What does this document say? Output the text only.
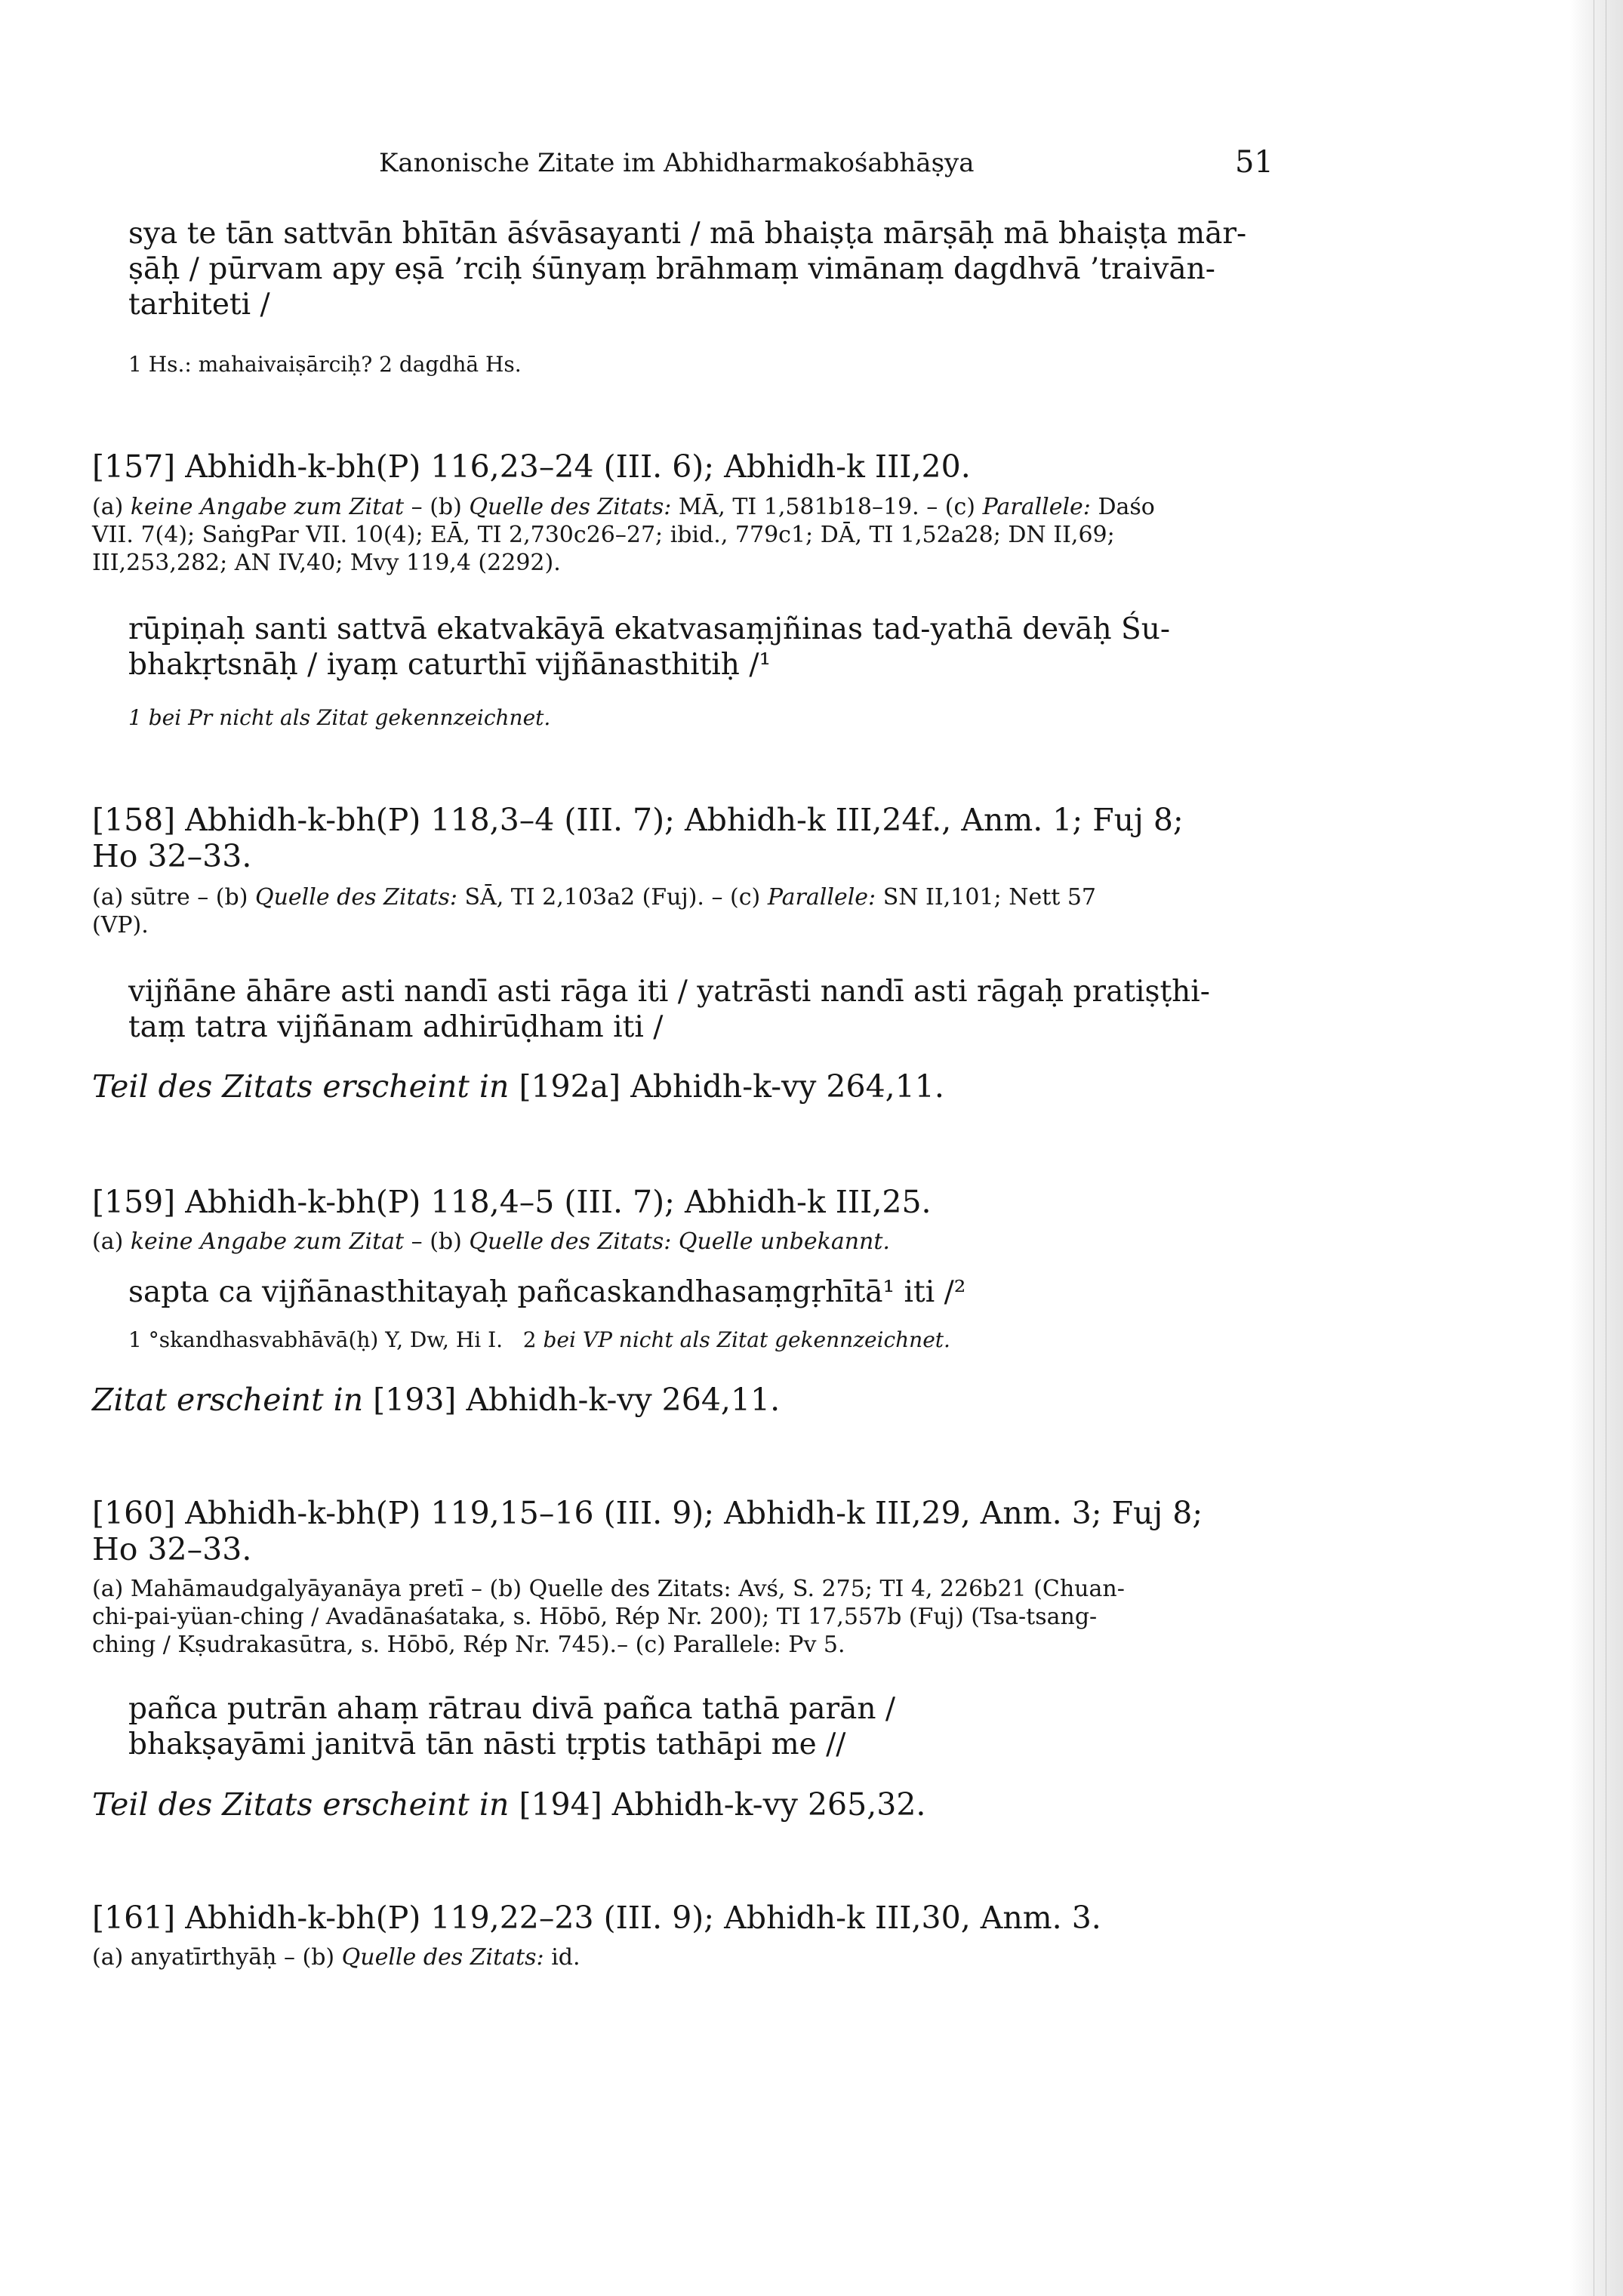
Kanonische Zitate im Abhidharmakośabhāṣya	51
sya te tān sattvān bhītān āśvāsayanti / mā bhaiṣṭa mārṣāḥ mā bhaiṣṭa mār-
ṣāḥ / pūrvam apy eṣā ’rciḥ śūnyaṃ brāhmaṃ vimānaṃ dagdhvā ’traivān-
tarhiteti /
1 Hs.: mahaivaiṣārciḥ? 2 dagdhā Hs.
[157] Abhidh-k-bh(P) 116,23–24 (III. 6); Abhidh-k III,20.
(a) keine Angabe zum Zitat – (b) Quelle des Zitats: MĀ, TI 1,581b18–19. – (c) Parallele: Daśo
VII. 7(4); SaṅgPar VII. 10(4); EĀ, TI 2,730c26–27; ibid., 779c1; DĀ, TI 1,52a28; DN II,69;
III,253,282; AN IV,40; Mvy 119,4 (2292).
rūpiṇaḥ santi sattvā ekatvakāyā ekatvasaṃjñinas tad-yathā devāḥ Śu-
bhakṛtsnāḥ / iyaṃ caturthī vijñānasthitiḥ /¹
1 bei Pr nicht als Zitat gekennzeichnet.
[158] Abhidh-k-bh(P) 118,3–4 (III. 7); Abhidh-k III,24f., Anm. 1; Fuj 8;
Ho 32–33.
(a) sūtre – (b) Quelle des Zitats: SĀ, TI 2,103a2 (Fuj). – (c) Parallele: SN II,101; Nett 57
(VP).
vijñāne āhāre asti nandī asti rāga iti / yatrāsti nandī asti rāgaḥ pratiṣṭhi-
taṃ tatra vijñānam adhirūḍham iti /
Teil des Zitats erscheint in [192a] Abhidh-k-vy 264,11.
[159] Abhidh-k-bh(P) 118,4–5 (III. 7); Abhidh-k III,25.
(a) keine Angabe zum Zitat – (b) Quelle des Zitats: Quelle unbekannt.
sapta ca vijñānasthitayaḥ pañcaskandhasaṃgṛhītā¹ iti /²
1 °skandhasvabhāvā(ḥ) Y, Dw, Hi I. 2 bei VP nicht als Zitat gekennzeichnet.
Zitat erscheint in [193] Abhidh-k-vy 264,11.
[160] Abhidh-k-bh(P) 119,15–16 (III. 9); Abhidh-k III,29, Anm. 3; Fuj 8;
Ho 32–33.
(a) Mahāmaudgalyāyanāya pretī – (b) Quelle des Zitats: Avś, S. 275; TI 4, 226b21 (Chuan-
chi-pai-yüan-ching / Avadānaśataka, s. Hōbō, Rép Nr. 200); TI 17,557b (Fuj) (Tsa-tsang-
ching / Kṣudrakasūtra, s. Hōbō, Rép Nr. 745).– (c) Parallele: Pv 5.
pañca putrān ahaṃ rātrau divā pañca tathā parān /
bhakṣayāmi janitvā tān nāsti tṛptis tathāpi me //
Teil des Zitats erscheint in [194] Abhidh-k-vy 265,32.
[161] Abhidh-k-bh(P) 119,22–23 (III. 9); Abhidh-k III,30, Anm. 3.
(a) anyatīrthyāḥ – (b) Quelle des Zitats: id.
